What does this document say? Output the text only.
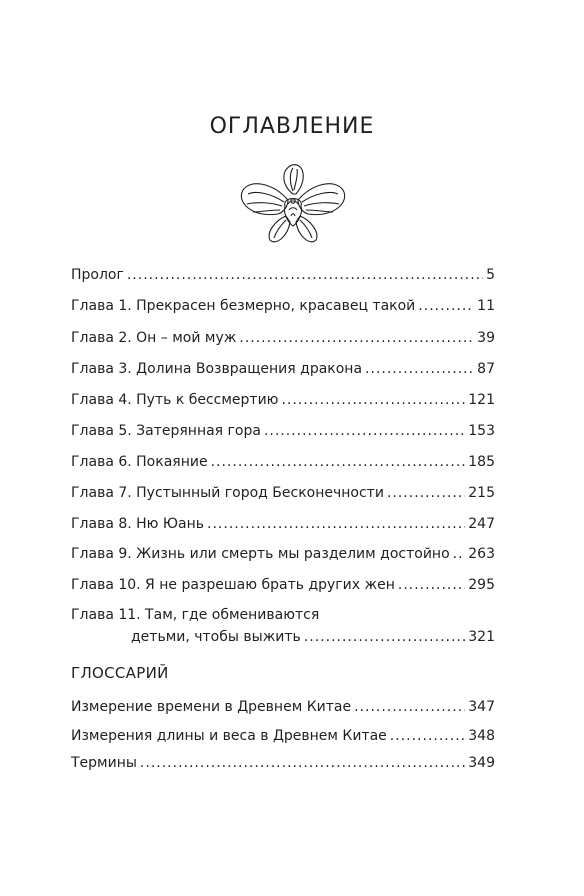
ОГЛАВЛЕНИЕ
Пролог .....	5
Глава 1. Прекрасен безмерно, красавец такой .....	11
Глава 2. Он – мой муж .....	39
Глава 3. Долина Возвращения дракона .....	87
Глава 4. Путь к бессмертию .....	121
Глава 5. Затерянная гора .....	153
Глава 6. Покаяние .....	185
Глава 7. Пустынный город Бесконечности .....	215
Глава 8. Ню Юань .....	247
Глава 9. Жизнь или смерть мы разделим достойно ..... 263
Глава 10. Я не разрешаю брать других жен .....	295
Глава 11. Там, где обмениваются
детьми, чтобы выжить .....	321
ГЛОССАРИЙ
Измерение времени в Древнем Китае .....	347
Измерения длины и веса в Древнем Китае .....	348
Термины .....	349
